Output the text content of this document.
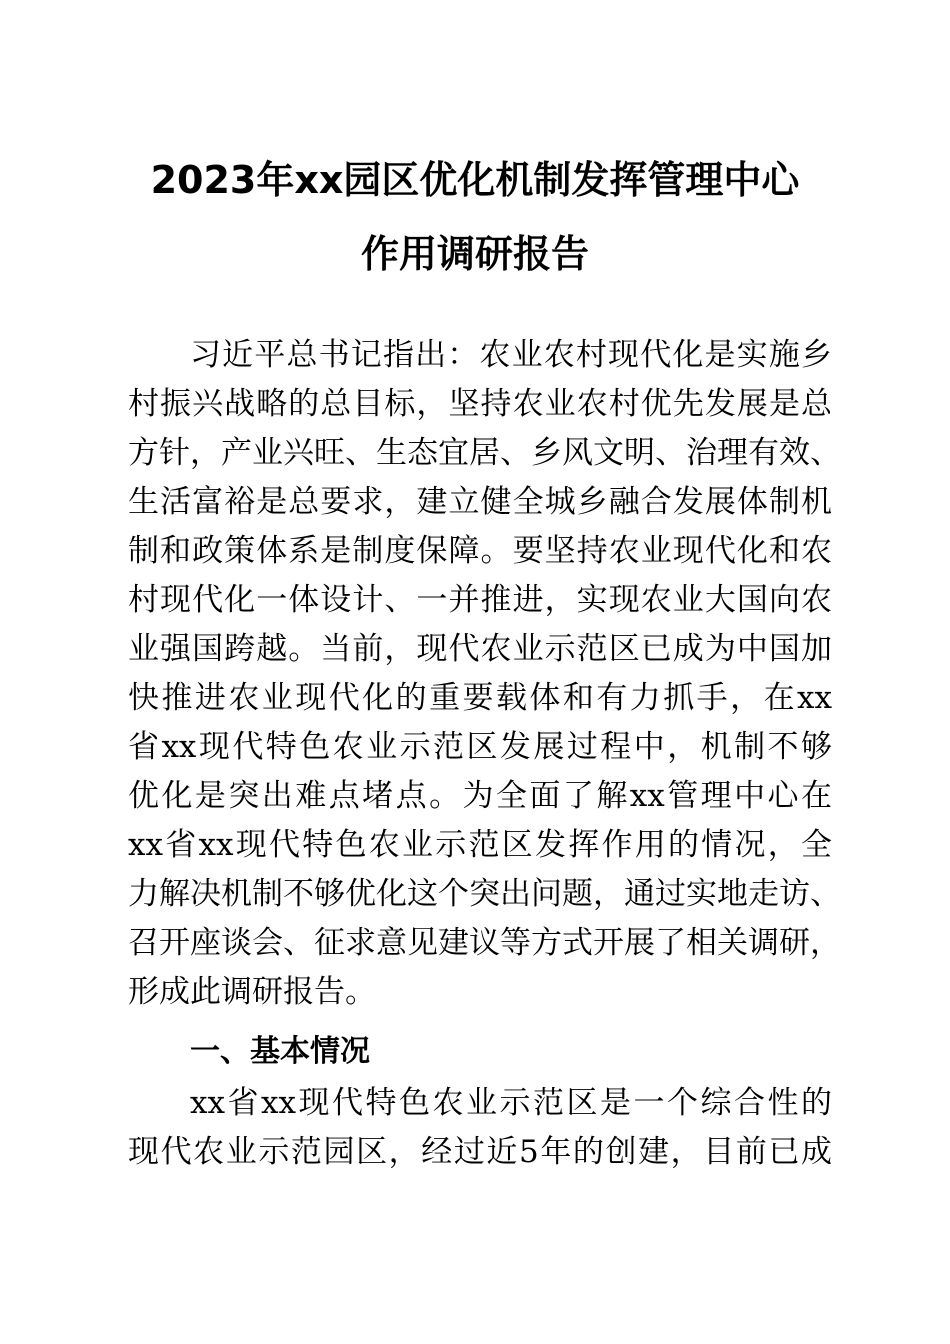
2023年xx园区优化机制发挥管理中心
作用调研报告
习近平总书记指出：农业农村现代化是实施乡
村振兴战略的总目标，坚持农业农村优先发展是总
方针，产业兴旺、生态宜居、乡风文明、治理有效、
生活富裕是总要求，建立健全城乡融合发展体制机
制和政策体系是制度保障。要坚持农业现代化和农
村现代化一体设计、一并推进，实现农业大国向农
业强国跨越。当前，现代农业示范区已成为中国加
快推进农业现代化的重要载体和有力抓手，在xx
省xx现代特色农业示范区发展过程中，机制不够
优化是突出难点堵点。为全面了解xx管理中心在
xx省xx现代特色农业示范区发挥作用的情况，全
力解决机制不够优化这个突出问题，通过实地走访、
召开座谈会、征求意见建议等方式开展了相关调研，
形成此调研报告。
一、基本情况
xx省xx现代特色农业示范区是一个综合性的
现代农业示范园区，经过近5年的创建，目前已成
